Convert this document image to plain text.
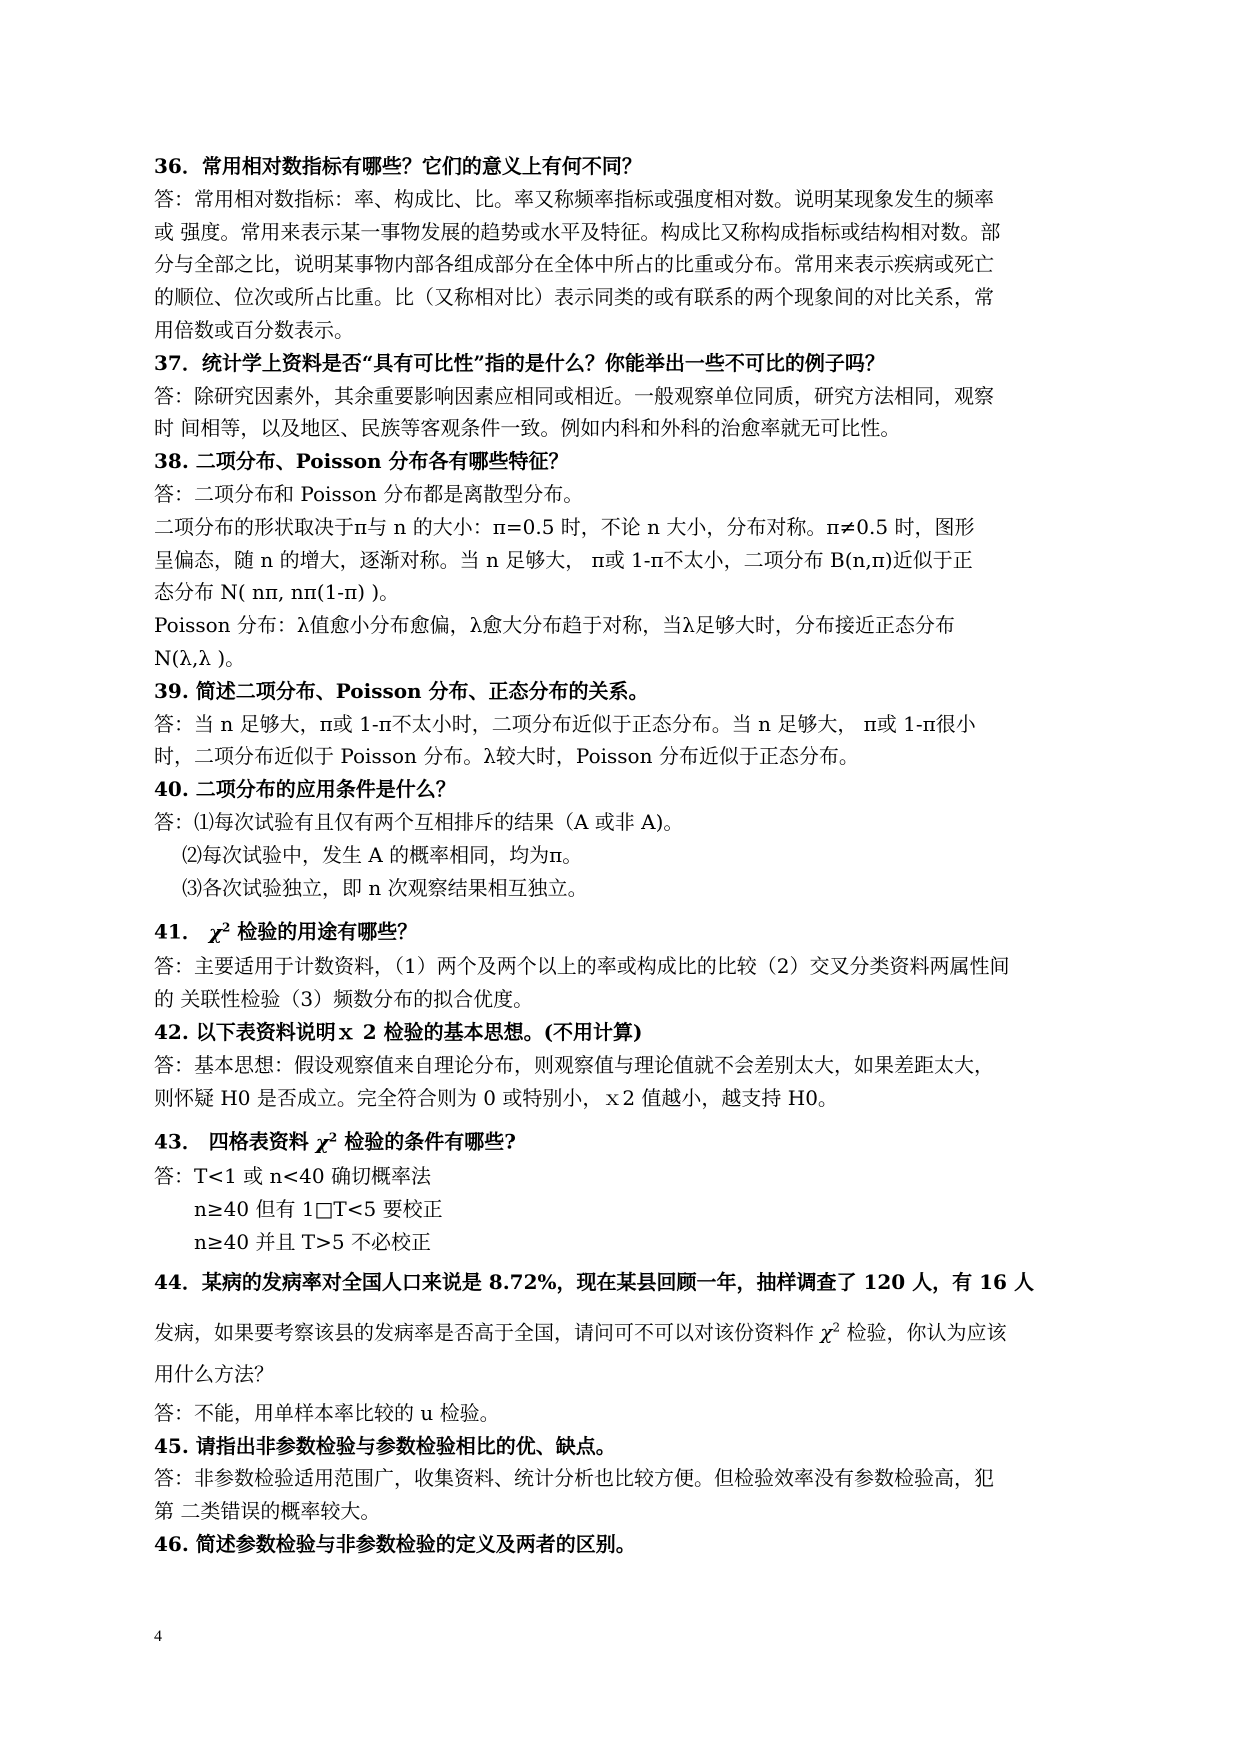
36．常用相对数指标有哪些？它们的意义上有何不同？
答：常用相对数指标：率、构成比、比。率又称频率指标或强度相对数。说明某现象发生的频率
或 强度。常用来表示某一事物发展的趋势或水平及特征。构成比又称构成指标或结构相对数。部
分与全部之比，说明某事物内部各组成部分在全体中所占的比重或分布。常用来表示疾病或死亡
的顺位、位次或所占比重。比（又称相对比）表示同类的或有联系的两个现象间的对比关系，常
用倍数或百分数表示。
37．统计学上资料是否“具有可比性”指的是什么？你能举出一些不可比的例子吗？
答：除研究因素外，其余重要影响因素应相同或相近。一般观察单位同质，研究方法相同，观察
时 间相等，以及地区、民族等客观条件一致。例如内科和外科的治愈率就无可比性。
38. 二项分布、Poisson 分布各有哪些特征？
答：二项分布和 Poisson 分布都是离散型分布。
二项分布的形状取决于π与 n 的大小：π=0.5 时，不论 n 大小，分布对称。π≠0.5 时，图形
呈偏态，随 n 的增大，逐渐对称。当 n 足够大， π或 1-π不太小，二项分布 B(n,π)近似于正
态分布 N( nπ, nπ(1-π) )。
Poisson 分布：λ值愈小分布愈偏，λ愈大分布趋于对称，当λ足够大时，分布接近正态分布
N(λ,λ )。
39. 简述二项分布、Poisson 分布、正态分布的关系。
答：当 n 足够大，π或 1-π不太小时，二项分布近似于正态分布。当 n 足够大， π或 1-π很小
时，二项分布近似于 Poisson 分布。λ较大时，Poisson 分布近似于正态分布。
40. 二项分布的应用条件是什么？
答：⑴每次试验有且仅有两个互相排斥的结果（A 或非 A)。
⑵每次试验中，发生 A 的概率相同，均为π。
⑶各次试验独立，即 n 次观察结果相互独立。
41． $\chi^2$ 检验的用途有哪些？
答：主要适用于计数资料，（1）两个及两个以上的率或构成比的比较（2）交叉分类资料两属性间
的 关联性检验（3）频数分布的拟合优度。
42. 以下表资料说明ｘ 2 检验的基本思想。(不用计算)
答：基本思想：假设观察值来自理论分布，则观察值与理论值就不会差别太大，如果差距太大，
则怀疑 H0 是否成立。完全符合则为 0 或特别小，ｘ2 值越小，越支持 H0。
43． 四格表资料 $\chi^2$ 检验的条件有哪些?
答：T<1 或 n<40 确切概率法
n≥40 但有 1□T<5 要校正
n≥40 并且 T>5 不必校正
44．某病的发病率对全国人口来说是 8.72%，现在某县回顾一年，抽样调查了 120 人，有 16 人
发病，如果要考察该县的发病率是否高于全国，请问可不可以对该份资料作 $\chi^2$ 检验，你认为应该
用什么方法？
答：不能，用单样本率比较的 u 检验。
45. 请指出非参数检验与参数检验相比的优、缺点。
答：非参数检验适用范围广，收集资料、统计分析也比较方便。但检验效率没有参数检验高，犯
第 二类错误的概率较大。
46. 简述参数检验与非参数检验的定义及两者的区别。
4
